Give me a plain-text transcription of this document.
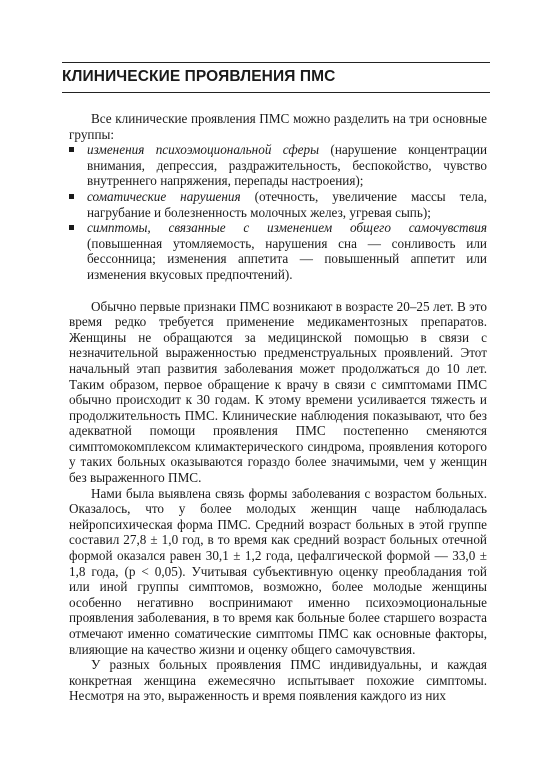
КЛИНИЧЕСКИЕ ПРОЯВЛЕНИЯ ПМС

Все клинические проявления ПМС можно разделить на три основные группы:

изменения психоэмоциональной сферы (нарушение концентрации внимания, депрессия, раздражительность, беспокойство, чувство внутреннего напряжения, перепады настроения);
соматические нарушения (отечность, увеличение массы тела, нагрубание и болезненность молочных желез, угревая сыпь);
симптомы, связанные с изменением общего самочувствия (повышенная утомляемость, нарушения сна — сонливость или бессонница; изменения аппетита — повышенный аппетит или изменения вкусовых предпочтений).

Обычно первые признаки ПМС возникают в возрасте 20–25 лет. В это время редко требуется применение медикаментозных препаратов. Женщины не обращаются за медицинской помощью в связи с незначительной выраженностью предменструальных проявлений. Этот начальный этап развития заболевания может продолжаться до 10 лет. Таким образом, первое обращение к врачу в связи с симптомами ПМС обычно происходит к 30 годам. К этому времени усиливается тяжесть и продолжительность ПМС. Клинические наблюдения показывают, что без адекватной помощи проявления ПМС постепенно сменяются симптомокомплексом климактерического синдрома, проявления которого у таких больных оказываются гораздо более значимыми, чем у женщин без выраженного ПМС.

Нами была выявлена связь формы заболевания с возрастом больных. Оказалось, что у более молодых женщин чаще наблюдалась нейропсихическая форма ПМС. Средний возраст больных в этой группе составил 27,8 ± 1,0 год, в то время как средний возраст больных отечной формой оказался равен 30,1 ± 1,2 года, цефалгической формой — 33,0 ± 1,8 года, (p < 0,05). Учитывая субъективную оценку преобладания той или иной группы симптомов, возможно, более молодые женщины особенно негативно воспринимают именно психоэмоциональные проявления заболевания, в то время как больные более старшего возраста отмечают именно соматические симптомы ПМС как основные факторы, влияющие на качество жизни и оценку общего самочувствия.

У разных больных проявления ПМС индивидуальны, и каждая конкретная женщина ежемесячно испытывает похожие симптомы. Несмотря на это, выраженность и время появления каждого из них
